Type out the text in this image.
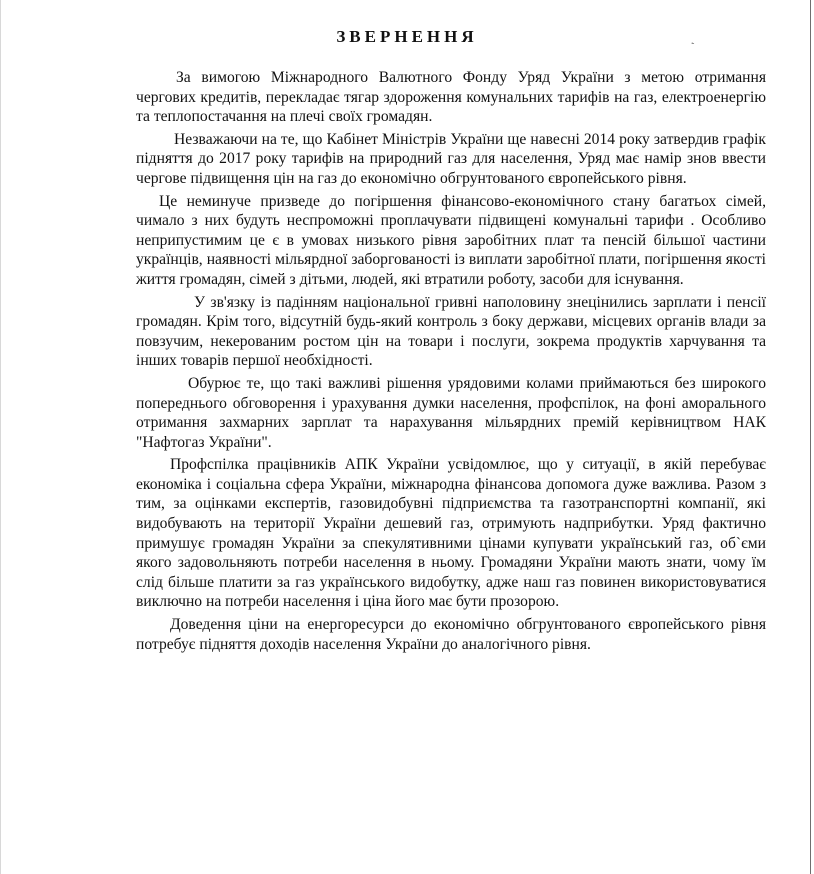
ЗВЕРНЕННЯ	ˏ

За вимогою Міжнародного Валютного Фонду Уряд України з метою отримання чергових кредитів, перекладає тягар здороження комунальних тарифів на газ, електроенергію та теплопостачання на плечі своїх громадян.

Незважаючи на те, що Кабінет Міністрів України ще навесні 2014 року затвердив графік підняття до 2017 року тарифів на природний газ для населення, Уряд має намір знов ввести чергове підвищення цін на газ до економічно обгрунтованого європейського рівня.

Це неминуче призведе до погіршення фінансово-економічного стану багатьох сімей, чимало з них будуть неспроможні проплачувати підвищені комунальні тарифи . Особливо неприпустимим це є в умовах низького рівня заробітних плат та пенсій більшої частини українців, наявності мільярдної заборгованості із виплати заробітної плати, погіршення якості життя громадян, сімей з дітьми, людей, які втратили роботу, засоби для існування.

У зв'язку із падінням національної гривні наполовину знецінились зарплати і пенсії громадян. Крім того, відсутній будь-який контроль з боку держави, місцевих органів влади за повзучим, некерованим ростом цін на товари і послуги, зокрема продуктів харчування та інших товарів першої необхідності.

Обурює те, що такі важливі рішення урядовими колами приймаються без широкого попереднього обговорення і урахування думки населення, профспілок, на фоні аморального отримання захмарних зарплат та нарахування мільярдних премій керівництвом НАК "Нафтогаз України".

Профспілка працівників АПК України усвідомлює, що у ситуації, в якій перебуває економіка і соціальна сфера України, міжнародна фінансова допомога дуже важлива. Разом з тим, за оцінками експертів, газовидобувні підприємства та газотранспортні компанії, які видобувають на території України дешевий газ, отримують надприбутки. Уряд фактично примушує громадян України за спекулятивними цінами купувати український газ, об`єми якого задовольняють потреби населення в ньому. Громадяни України мають знати, чому їм слід більше платити за газ українського видобутку, адже наш газ повинен використовуватися виключно на потреби населення і ціна його має бути прозорою.

Доведення ціни на енергоресурси до економічно обгрунтованого європейського рівня потребує підняття доходів населення України до аналогічного рівня.
